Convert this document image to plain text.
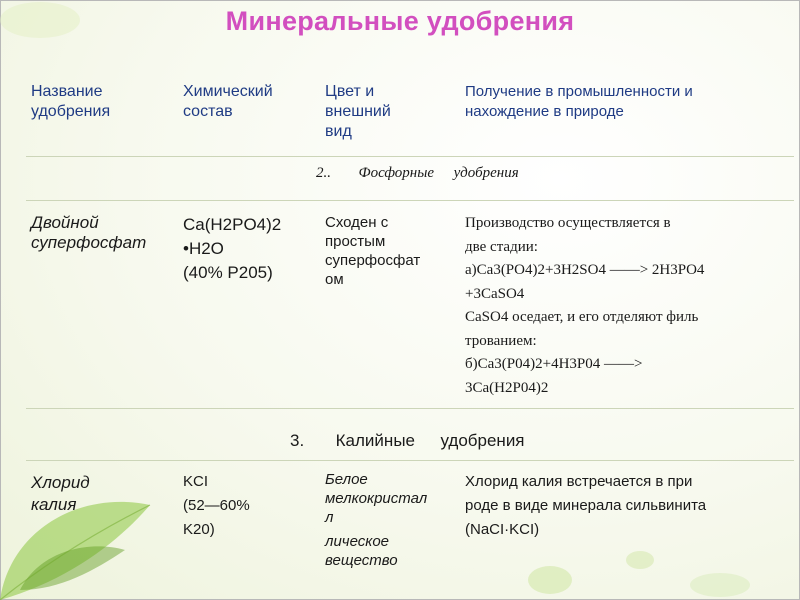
Минеральные удобрения
Название удобрения
Химический состав
Цвет и
внешний
вид
Получение в промышленности и нахождение в природе
2.. Фосфорные удобрения
Двойной
суперфосфат
Ca(H2PO4)2
•H2O
(40% P205)
Сходен с
простым
суперфосфат
ом
Производство осуществляется в
две стадии:
а)Ca3(PO4)2+3H2SO4 ——> 2H3PO4
+3CaSO4
CaSO4 оседает, и его отделяют филь
трованием:
б)Ca3(P04)2+4H3P04 ——>
3Ca(H2P04)2
3. Калийные удобрения
Хлорид
калия
KCI
(52—60%
K20)
Белое
мелкокристал
л
лическое
вещество
Хлорид калия встречается в при
роде в виде минерала сильвинита
(NaCI·KCI)
